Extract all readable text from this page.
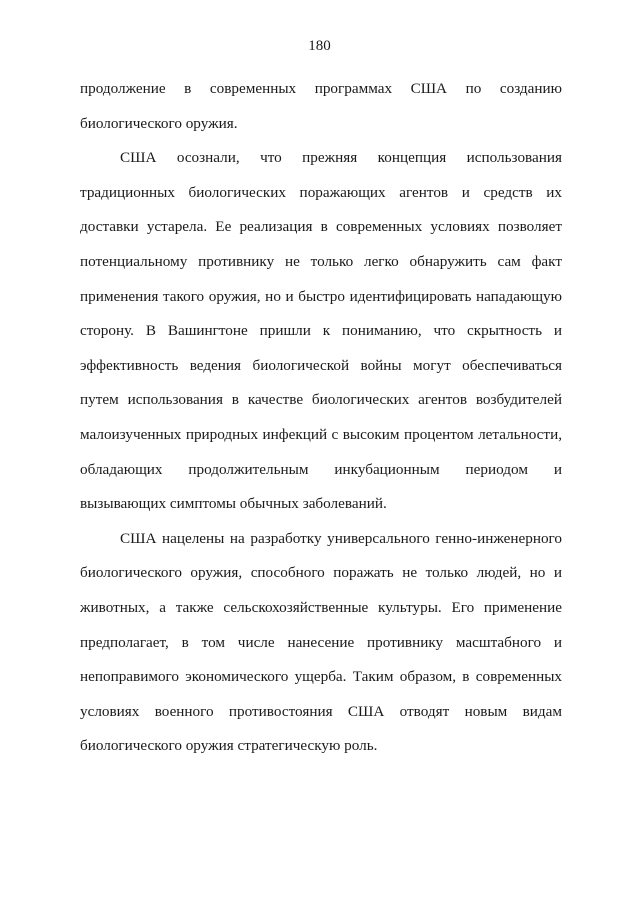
180
продолжение в современных программах США по созданию
биологического оружия.
США осознали, что прежняя концепция использования
традиционных биологических поражающих агентов и средств их
доставки устарела. Ее реализация в современных условиях позволяет
потенциальному противнику не только легко обнаружить сам факт
применения такого оружия, но и быстро идентифицировать нападающую
сторону. В Вашингтоне пришли к пониманию, что скрытность и
эффективность ведения биологической войны могут обеспечиваться
путем использования в качестве биологических агентов возбудителей
малоизученных природных инфекций с высоким процентом летальности,
обладающих продолжительным инкубационным периодом и
вызывающих симптомы обычных заболеваний.
США нацелены на разработку универсального генно-инженерного
биологического оружия, способного поражать не только людей, но и
животных, а также сельскохозяйственные культуры. Его применение
предполагает, в том числе нанесение противнику масштабного и
непоправимого экономического ущерба. Таким образом, в современных
условиях военного противостояния США отводят новым видам
биологического оружия стратегическую роль.
